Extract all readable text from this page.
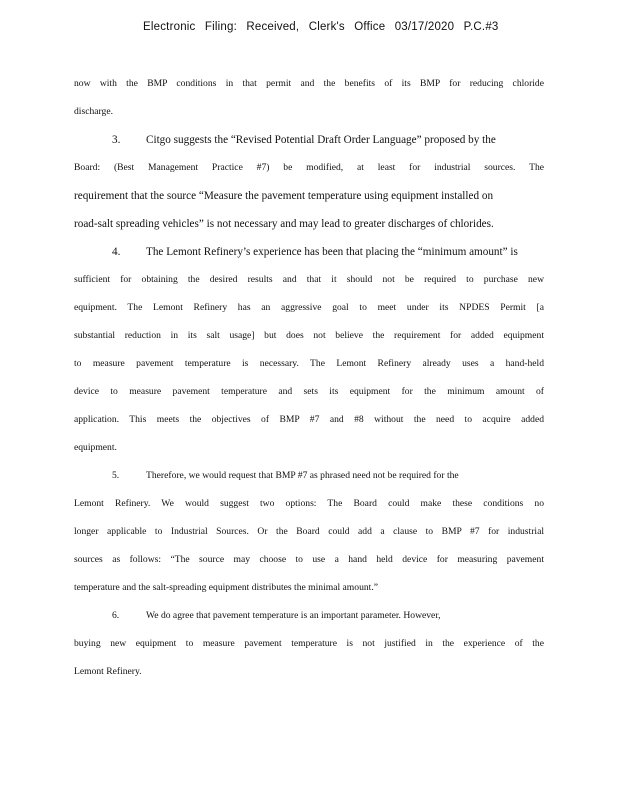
Electronic Filing: Received, Clerk's Office 03/17/2020 P.C.#3
now with the BMP conditions in that permit and the benefits of its BMP for reducing chloride
discharge.
3. Citgo suggests the “Revised Potential Draft Order Language” proposed by the
Board: (Best Management Practice #7) be modified, at least for industrial sources. The
requirement that the source “Measure the pavement temperature using equipment installed on
road-salt spreading vehicles” is not necessary and may lead to greater discharges of chlorides.
4. The Lemont Refinery’s experience has been that placing the “minimum amount” is
sufficient for obtaining the desired results and that it should not be required to purchase new
equipment. The Lemont Refinery has an aggressive goal to meet under its NPDES Permit [a
substantial reduction in its salt usage] but does not believe the requirement for added equipment
to measure pavement temperature is necessary. The Lemont Refinery already uses a hand-held
device to measure pavement temperature and sets its equipment for the minimum amount of
application. This meets the objectives of BMP #7 and #8 without the need to acquire added
equipment.
5.	Therefore, we would request that BMP #7 as phrased need not be required for the
Lemont Refinery. We would suggest two options: The Board could make these conditions no
longer applicable to Industrial Sources. Or the Board could add a clause to BMP #7 for industrial
sources as follows: “The source may choose to use a hand held device for measuring pavement
temperature and the salt-spreading equipment distributes the minimal amount.”
6.	We do agree that pavement temperature is an important parameter. However,
buying new equipment to measure pavement temperature is not justified in the experience of the
Lemont Refinery.
